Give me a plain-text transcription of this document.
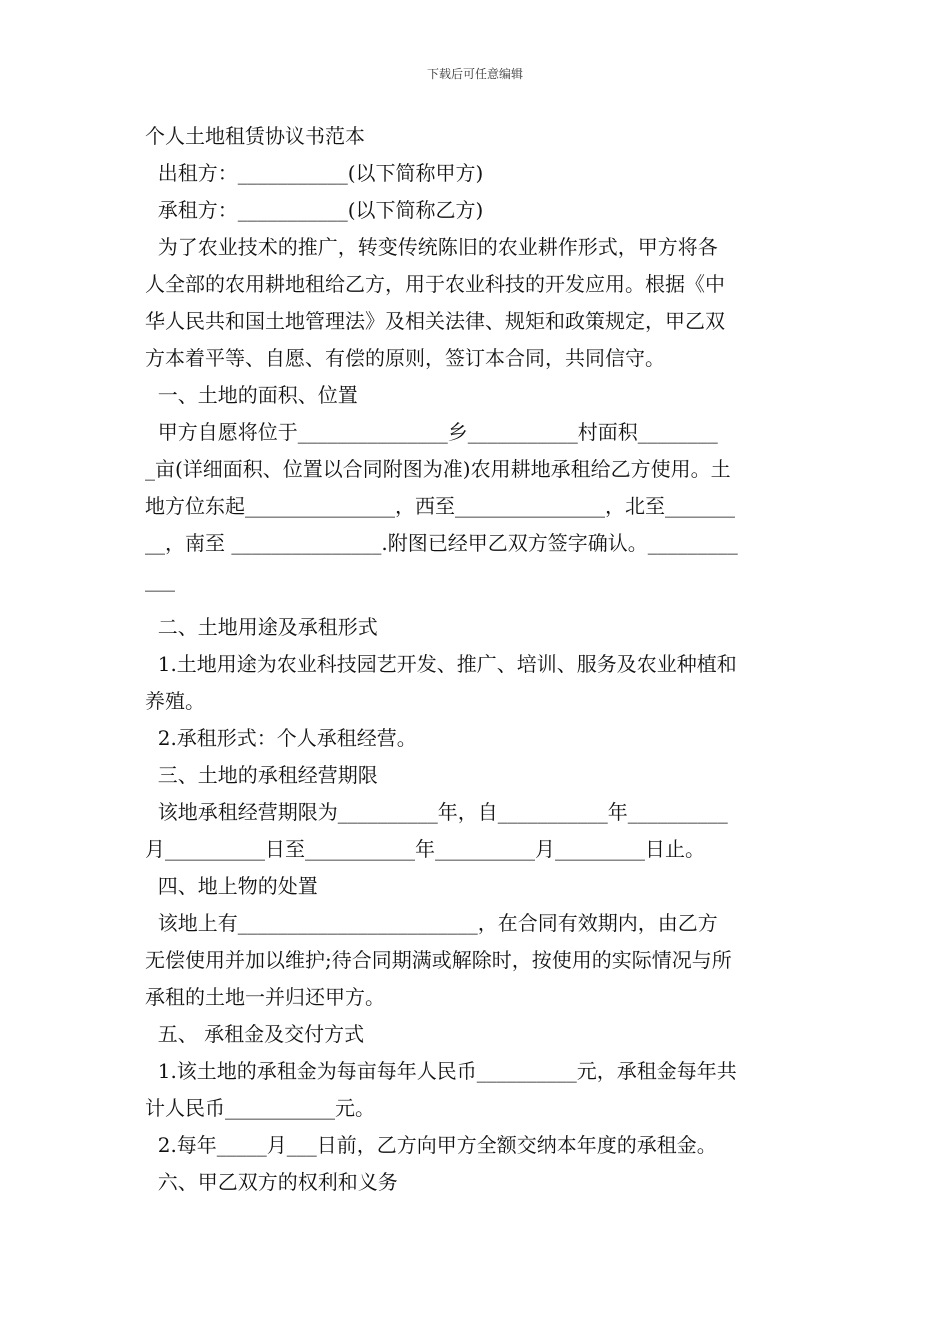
下载后可任意编辑
个人土地租赁协议书范本
出租方：___________(以下简称甲方)
承租方：___________(以下简称乙方)
为了农业技术的推广，转变传统陈旧的农业耕作形式，甲方将各
人全部的农用耕地租给乙方，用于农业科技的开发应用。根据《中
华人民共和国土地管理法》及相关法律、规矩和政策规定，甲乙双
方本着平等、自愿、有偿的原则，签订本合同，共同信守。
一、土地的面积、位置
甲方自愿将位于_______________乡___________村面积________
_亩(详细面积、位置以合同附图为准)农用耕地承租给乙方使用。土
地方位东起_______________，西至_______________，北至_______
__，南至 _______________.附图已经甲乙双方签字确认。_________
___
二、土地用途及承租形式
1.土地用途为农业科技园艺开发、推广、培训、服务及农业种植和
养殖。
2.承租形式：个人承租经营。
三、土地的承租经营期限
该地承租经营期限为__________年，自___________年__________
月__________日至___________年__________月_________日止。
四、地上物的处置
该地上有________________________，在合同有效期内，由乙方
无偿使用并加以维护;待合同期满或解除时，按使用的实际情况与所
承租的土地一并归还甲方。
五、 承租金及交付方式
1.该土地的承租金为每亩每年人民币__________元，承租金每年共
计人民币___________元。
2.每年_____月___日前，乙方向甲方全额交纳本年度的承租金。
六、甲乙双方的权利和义务
